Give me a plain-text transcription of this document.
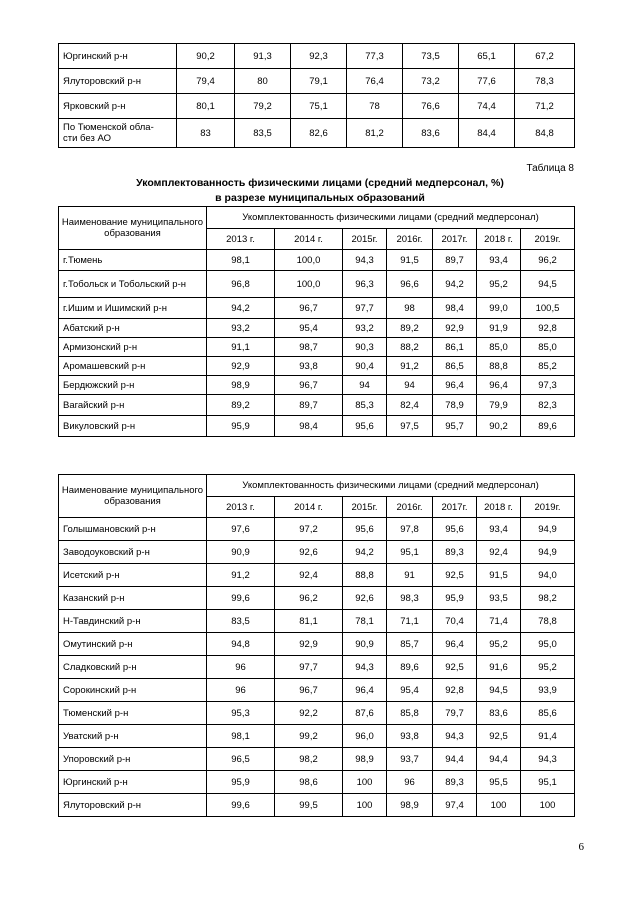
Юргинский р-н	90,2	91,3	92,3	77,3	73,5	65,1	67,2
Ялуторовский р-н	79,4	80	79,1	76,4	73,2	77,6	78,3
Ярковский р-н	80,1	79,2	75,1	78	76,6	74,4	71,2
По Тюменской обла-
сти без АО	83	83,5	82,6	81,2	83,6	84,4	84,8
Таблица 8
Укомплектованность физическими лицами (средний медперсонал, %)
в разрезе муниципальных образований
Наименование муниципального образования	Укомплектованность физическими лицами (средний медперсонал)						
	2013 г.	2014 г.	2015г.	2016г.	2017г.	2018 г.	2019г.
г.Тюмень	98,1	100,0	94,3	91,5	89,7	93,4	96,2
г.Тобольск и Тобольский р-н	96,8	100,0	96,3	96,6	94,2	95,2	94,5
г.Ишим и Ишимский р-н	94,2	96,7	97,7	98	98,4	99,0	100,5
Абатский р-н	93,2	95,4	93,2	89,2	92,9	91,9	92,8
Армизонский р-н	91,1	98,7	90,3	88,2	86,1	85,0	85,0
Аромашевский р-н	92,9	93,8	90,4	91,2	86,5	88,8	85,2
Бердюжский р-н	98,9	96,7	94	94	96,4	96,4	97,3
Вагайский р-н	89,2	89,7	85,3	82,4	78,9	79,9	82,3
Викуловский р-н	95,9	98,4	95,6	97,5	95,7	90,2	89,6
Наименование муниципального образования	Укомплектованность физическими лицами (средний медперсонал)						
	2013 г.	2014 г.	2015г.	2016г.	2017г.	2018 г.	2019г.
Голышмановский р-н	97,6	97,2	95,6	97,8	95,6	93,4	94,9
Заводоуковский р-н	90,9	92,6	94,2	95,1	89,3	92,4	94,9
Исетский р-н	91,2	92,4	88,8	91	92,5	91,5	94,0
Казанский р-н	99,6	96,2	92,6	98,3	95,9	93,5	98,2
Н-Тавдинский р-н	83,5	81,1	78,1	71,1	70,4	71,4	78,8
Омутинский р-н	94,8	92,9	90,9	85,7	96,4	95,2	95,0
Сладковский р-н	96	97,7	94,3	89,6	92,5	91,6	95,2
Сорокинский р-н	96	96,7	96,4	95,4	92,8	94,5	93,9
Тюменский р-н	95,3	92,2	87,6	85,8	79,7	83,6	85,6
Уватский р-н	98,1	99,2	96,0	93,8	94,3	92,5	91,4
Упоровский р-н	96,5	98,2	98,9	93,7	94,4	94,4	94,3
Юргинский р-н	95,9	98,6	100	96	89,3	95,5	95,1
Ялуторовский р-н	99,6	99,5	100	98,9	97,4	100	100
6
